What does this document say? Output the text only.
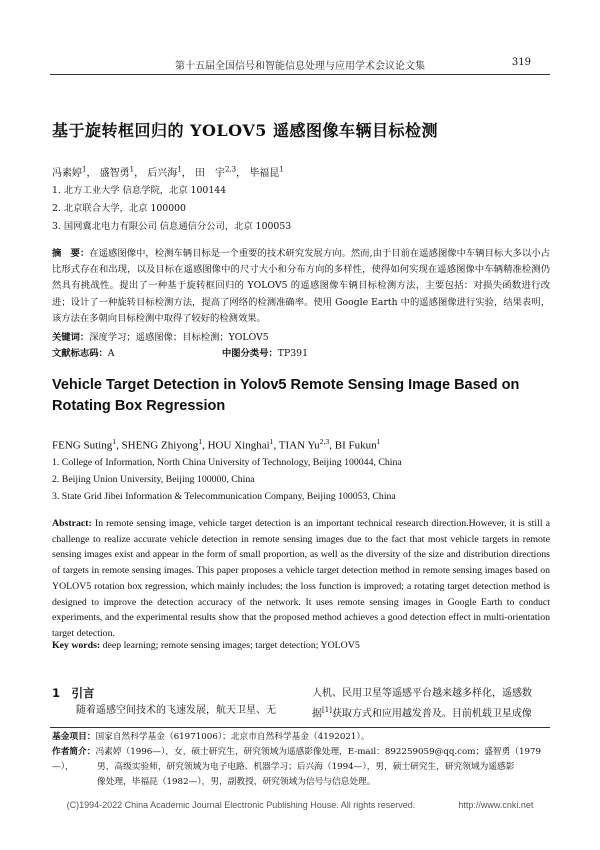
第十五届全国信号和智能信息处理与应用学术会议论文集	319
基于旋转框回归的 YOLOV5 遥感图像车辆目标检测
冯素婷$^1$， 盛智勇$^1$， 后兴海$^1$， 田　宇$^{2,3}$， 毕福昆$^1$
1. 北方工业大学 信息学院，北京 100144
2. 北京联合大学，北京 100000
3. 国网冀北电力有限公司 信息通信分公司，北京 100053
摘　要：在遥感图像中，检测车辆目标是一个重要的技术研究发展方向。然而,由于目前在遥感图像中车辆目标大多以小占比形式存在和出现，以及目标在遥感图像中的尺寸大小和分布方向的多样性，使得如何实现在遥感图像中车辆精准检测仍然具有挑战性。提出了一种基于旋转框回归的 YOLOV5 的遥感图像车辆目标检测方法，主要包括：对损失函数进行改进；设计了一种旋转目标检测方法，提高了网络的检测准确率。使用 Google Earth 中的遥感图像进行实验，结果表明，该方法在多朝向目标检测中取得了较好的检测效果。
关键词：深度学习；遥感图像；目标检测；YOLOV5
文献标志码：A	中图分类号：TP391
Vehicle Target Detection in Yolov5 Remote Sensing Image Based on Rotating Box Regression
FENG Suting$^1$, SHENG Zhiyong$^1$, HOU Xinghai$^1$, TIAN Yu$^{2,3}$, BI Fukun$^1$
1. College of Information, North China University of Technology, Beijing 100044, China
2. Beijing Union University, Beijing 100000, China
3. State Grid Jibei Information & Telecommunication Company, Beijing 100053, China
Abstract: In remote sensing image, vehicle target detection is an important technical research direction.However, it is still a challenge to realize accurate vehicle detection in remote sensing images due to the fact that most vehicle targets in remote sensing images exist and appear in the form of small proportion, as well as the diversity of the size and distribution directions of targets in remote sensing images. This paper proposes a vehicle target detection method in remote sensing images based on YOLOV5 rotation box regression, which mainly includes: the loss function is improved; a rotating target detection method is designed to improve the detection accuracy of the network. It uses remote sensing images in Google Earth to conduct experiments, and the experimental results show that the proposed method achieves a good detection effect in multi-orientation target detection.
Key words: deep learning; remote sensing images; target detection; YOLOV5
1　引言
随着遥感空间技术的飞速发展，航天卫星、无
人机、民用卫星等遥感平台越来越多样化，遥感数
据[1]获取方式和应用越发普及。目前机载卫星成像
基金项目：国家自然科学基金（61971006）；北京市自然科学基金（4192021）。
作者简介：冯素婷（1996—），女，硕士研究生，研究领域为遥感影像处理，E-mail：892259059@qq.com；盛智勇（1979—），	男，高级实验师，研究领域为电子电路、机器学习；后兴海（1994—），男，硕士研究生，研究领域为遥感影
像处理，毕福昆（1982—），男，副教授，研究领域为信号与信息处理。
(C)1994-2022 China Academic Journal Electronic Publishing House. All rights reserved.	http://www.cnki.net
